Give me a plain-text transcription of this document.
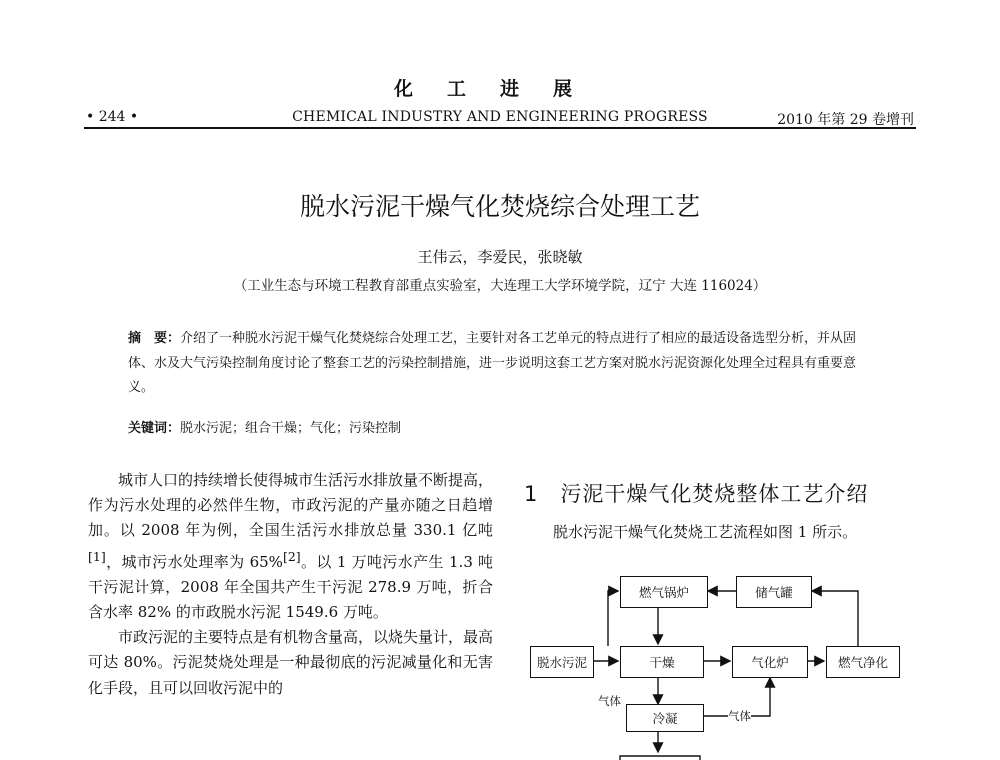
化工进展
• 244 •	CHEMICAL INDUSTRY AND ENGINEERING PROGRESS	2010 年第 29 卷增刊
脱水污泥干燥气化焚烧综合处理工艺
王伟云，李爱民，张晓敏
（工业生态与环境工程教育部重点实验室，大连理工大学环境学院，辽宁 大连 116024）
摘　要：介绍了一种脱水污泥干燥气化焚烧综合处理工艺，主要针对各工艺单元的特点进行了相应的最适设备选型分析，并从固体、水及大气污染控制角度讨论了整套工艺的污染控制措施，进一步说明这套工艺方案对脱水污泥资源化处理全过程具有重要意义。
关键词：脱水污泥；组合干燥；气化；污染控制

城市人口的持续增长使得城市生活污水排放量不断提高，作为污水处理的必然伴生物，市政污泥的产量亦随之日趋增加。以 2008 年为例，全国生活污水排放总量 330.1 亿吨[1]，城市污水处理率为 65%[2]。以 1 万吨污水产生 1.3 吨干污泥计算，2008 年全国共产生干污泥 278.9 万吨，折合含水率 82% 的市政脱水污泥 1549.6 万吨。

市政污泥的主要特点是有机物含量高，以烧失量计，最高可达 80%。污泥焚烧处理是一种最彻底的污泥减量化和无害化手段，且可以回收污泥中的

1 污泥干燥气化焚烧整体工艺介绍
脱水污泥干燥气化焚烧工艺流程如图 1 所示。
燃气锅炉	储气罐
脱水污泥	干燥	气化炉	燃气净化
冷凝
气体
气体
